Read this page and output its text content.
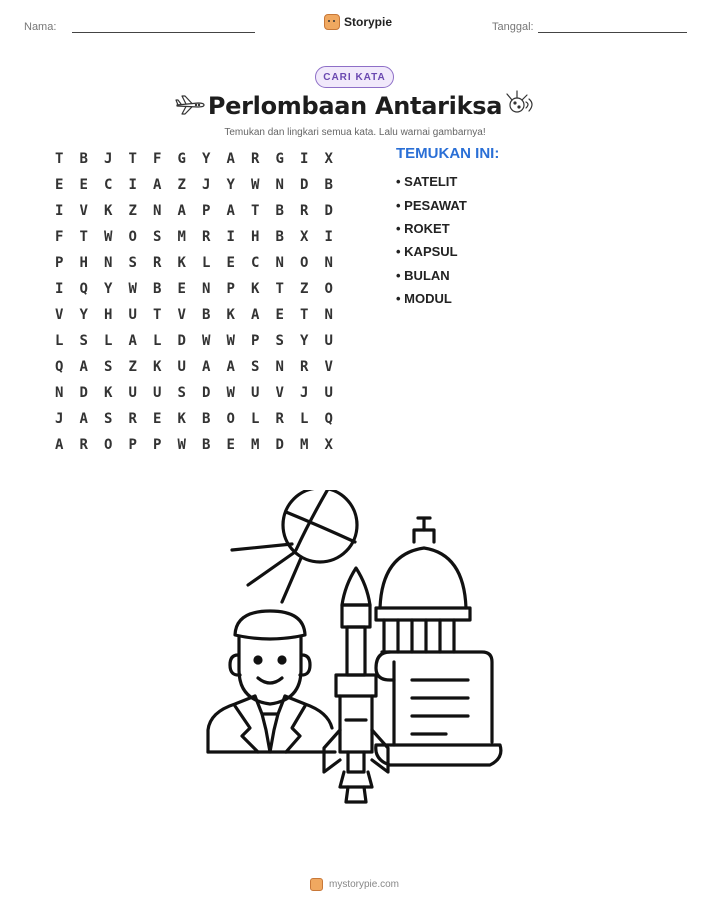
Nama:	Storypie	Tanggal:
CARI KATA
Perlombaan Antariksa
Temukan dan lingkari semua kata. Lalu warnai gambarnya!
T	B	J	T	F	G	Y	A	R	G	I	X
E	E	C	I	A	Z	J	Y	W	N	D	B
I	V	K	Z	N	A	P	A	T	B	R	D
F	T	W	O	S	M	R	I	H	B	X	I
P	H	N	S	R	K	L	E	C	N	O	N
I	Q	Y	W	B	E	N	P	K	T	Z	O
V	Y	H	U	T	V	B	K	A	E	T	N
L	S	L	A	L	D	W	W	P	S	Y	U
Q	A	S	Z	K	U	A	A	S	N	R	V
N	D	K	U	U	S	D	W	U	V	J	U
J	A	S	R	E	K	B	O	L	R	L	Q
A	R	O	P	P	W	B	E	M	D	M	X
TEMUKAN INI:
• SATELIT
• PESAWAT
• ROKET
• KAPSUL
• BULAN
• MODUL
mystorypie.com
